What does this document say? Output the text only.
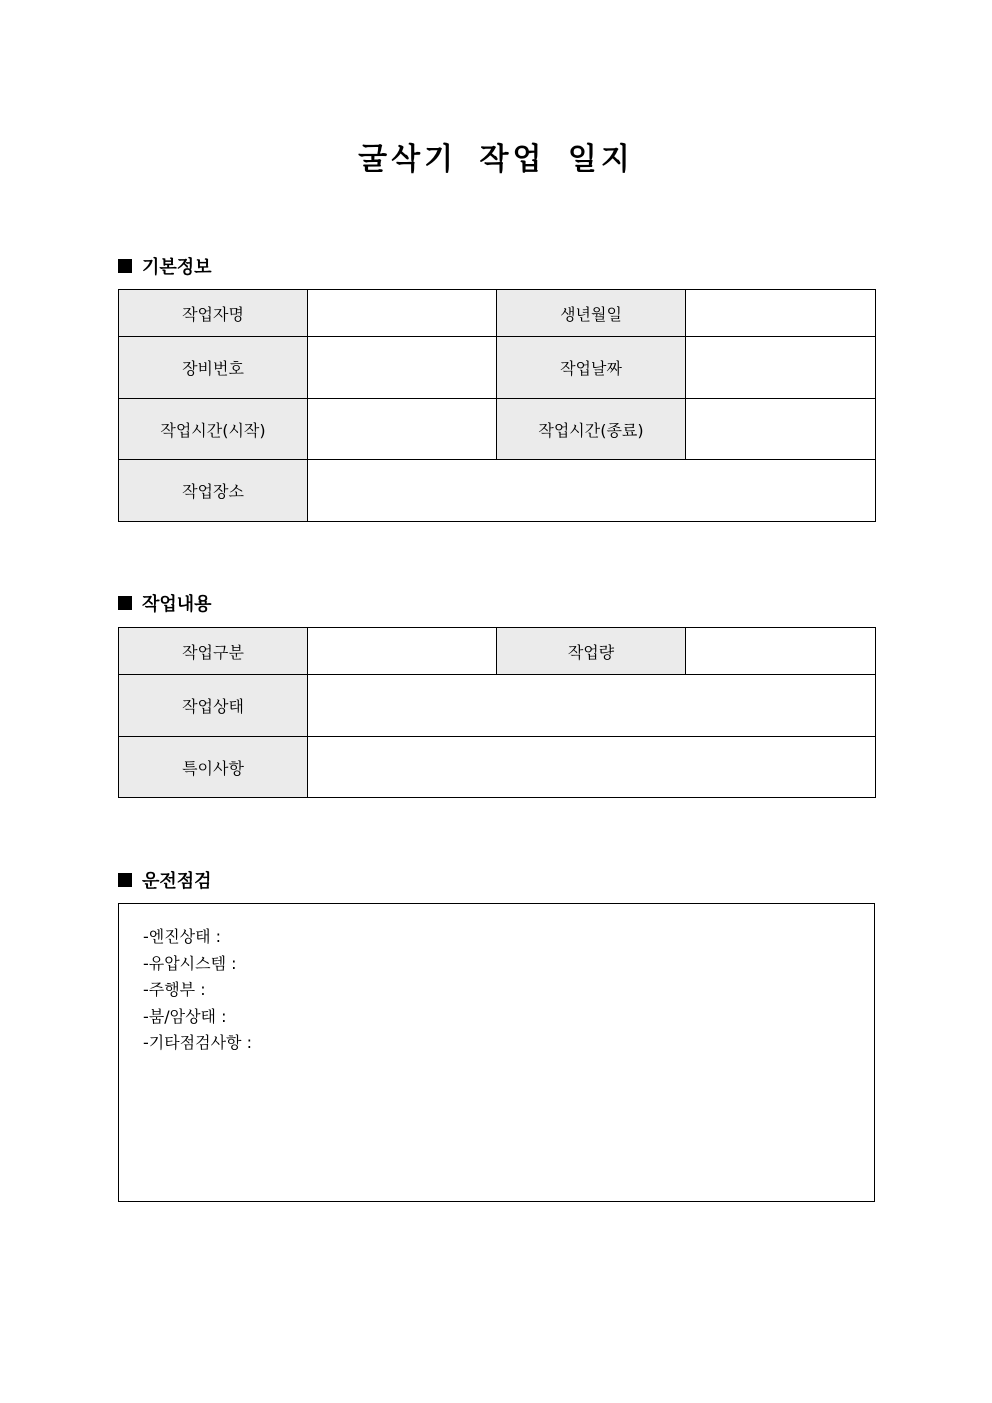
굴삭기 작업 일지
기본정보
작업자명		생년월일	
장비번호		작업날짜	
작업시간(시작)		작업시간(종료)	
작업장소			
작업내용
작업구분		작업량	
작업상태			
특이사항			
운전점검
-엔진상태 :
-유압시스템 :
-주행부 :
-붐/암상태 :
-기타점검사항 :
